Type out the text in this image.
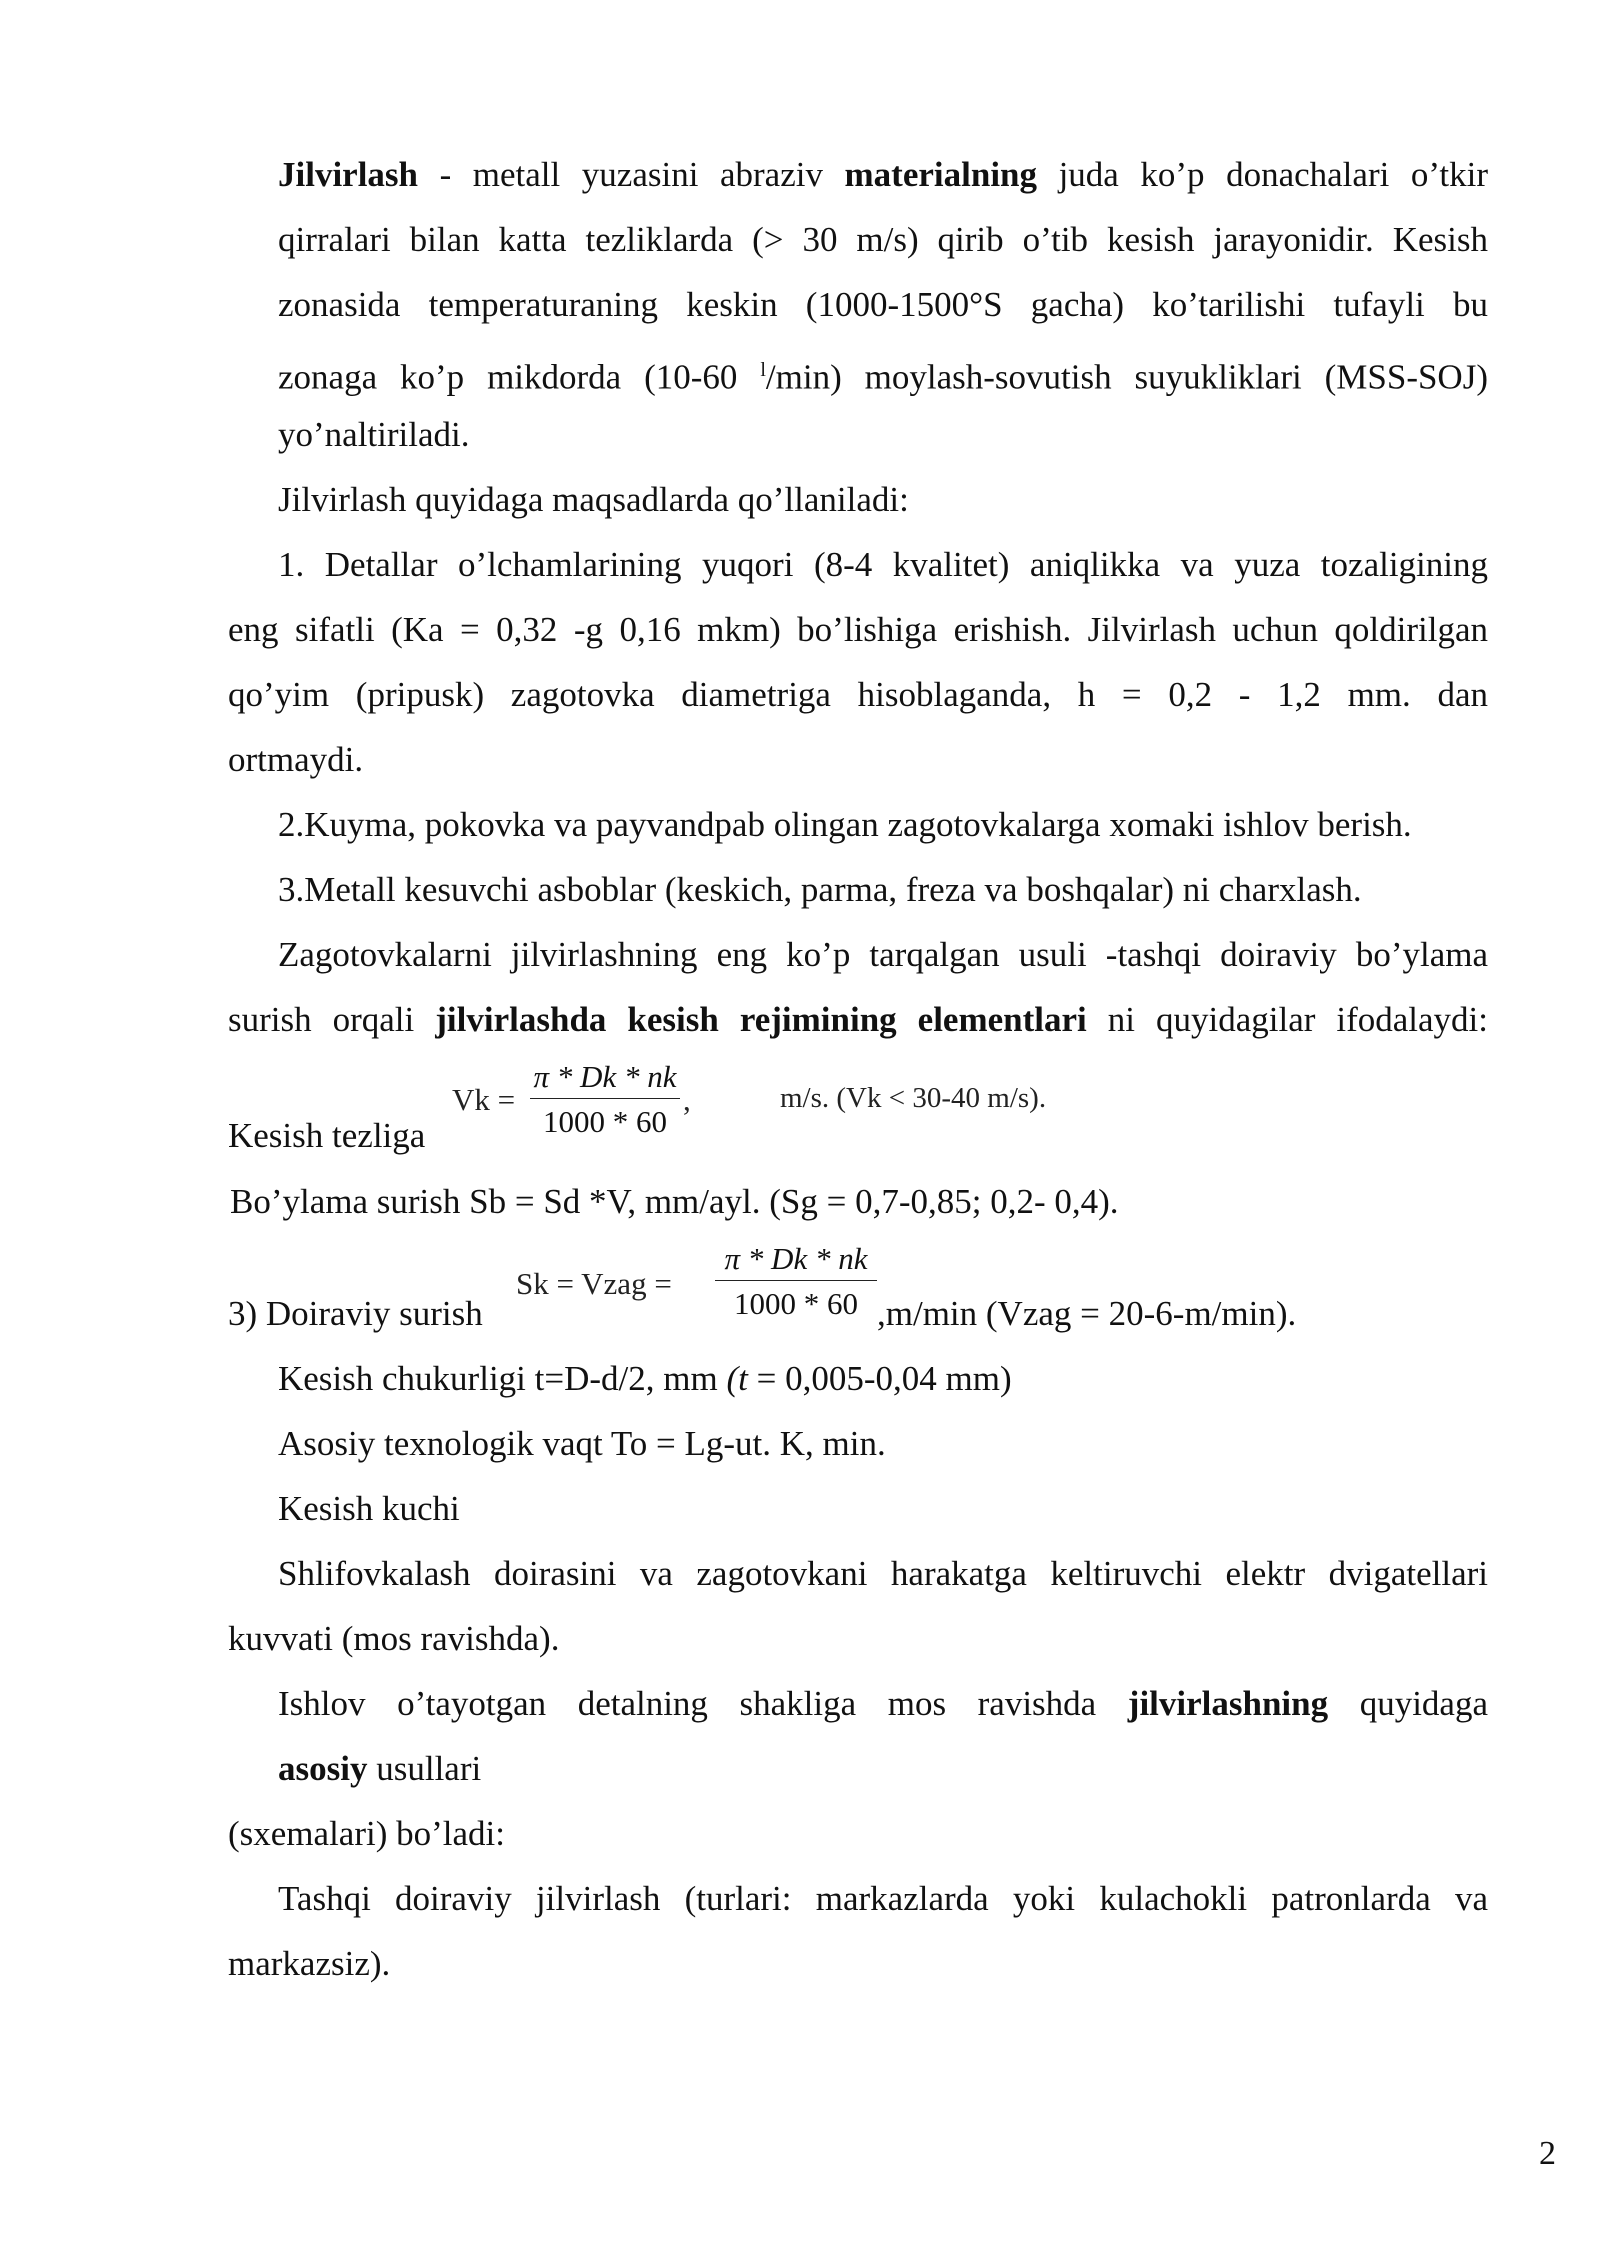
Jilvirlash - metall yuzasini abraziv materialning juda ko’p donachalari o’tkir
qirralari bilan katta tezliklarda (> 30 m/s) qirib o’tib kesish jarayonidir. Kesish
zonasida temperaturaning keskin (1000-1500°S gacha) ko’tarilishi tufayli bu
zonaga ko’p mikdorda (10-60 $^l$/min) moylash-sovutish suyukliklari (MSS-SOJ)
yo’naltiriladi.
Jilvirlash quyidaga maqsadlarda qo’llaniladi:
1. Detallar o’lchamlarining yuqori (8-4 kvalitet) aniqlikka va yuza tozaligining
eng sifatli (Ka = 0,32 -g 0,16 mkm) bo’lishiga erishish. Jilvirlash uchun qoldirilgan
qo’yim (pripusk) zagotovka diametriga hisoblaganda, h = 0,2 - 1,2 mm. dan
ortmaydi.
2.Kuyma, pokovka va payvandpab olingan zagotovkalarga xomaki ishlov berish.
3.Metall kesuvchi asboblar (keskich, parma, freza va boshqalar) ni charxlash.
Zagotovkalarni jilvirlashning eng ko’p tarqalgan usuli -tashqi doiraviy bo’ylama
surish orqali jilvirlashda kesish rejimining elementlari ni quyidagilar ifodalaydi:
Kesish tezliga
Vk =
π * Dk * nk
1000 * 60
,	m/s. (Vk < 30-40 m/s).
Bo’ylama surish Sb = Sd *V, mm/ayl. (Sg = 0,7-0,85; 0,2- 0,4).
3) Doiraviy surish
Sk = Vzag =
π * Dk * nk
1000 * 60 ,m/min (Vzag = 20-6-m/min).
Kesish chukurligi t=D-d/2, mm (t = 0,005-0,04 mm)
Asosiy texnologik vaqt To = Lg-ut. K, min.
Kesish kuchi
Shlifovkalash doirasini va zagotovkani harakatga keltiruvchi elektr dvigatellari
kuvvati (mos ravishda).
Ishlov o’tayotgan detalning shakliga mos ravishda jilvirlashning quyidaga
asosiy usullari
(sxemalari) bo’ladi:
Tashqi doiraviy jilvirlash (turlari: markazlarda yoki kulachokli patronlarda va
markazsiz).
2
